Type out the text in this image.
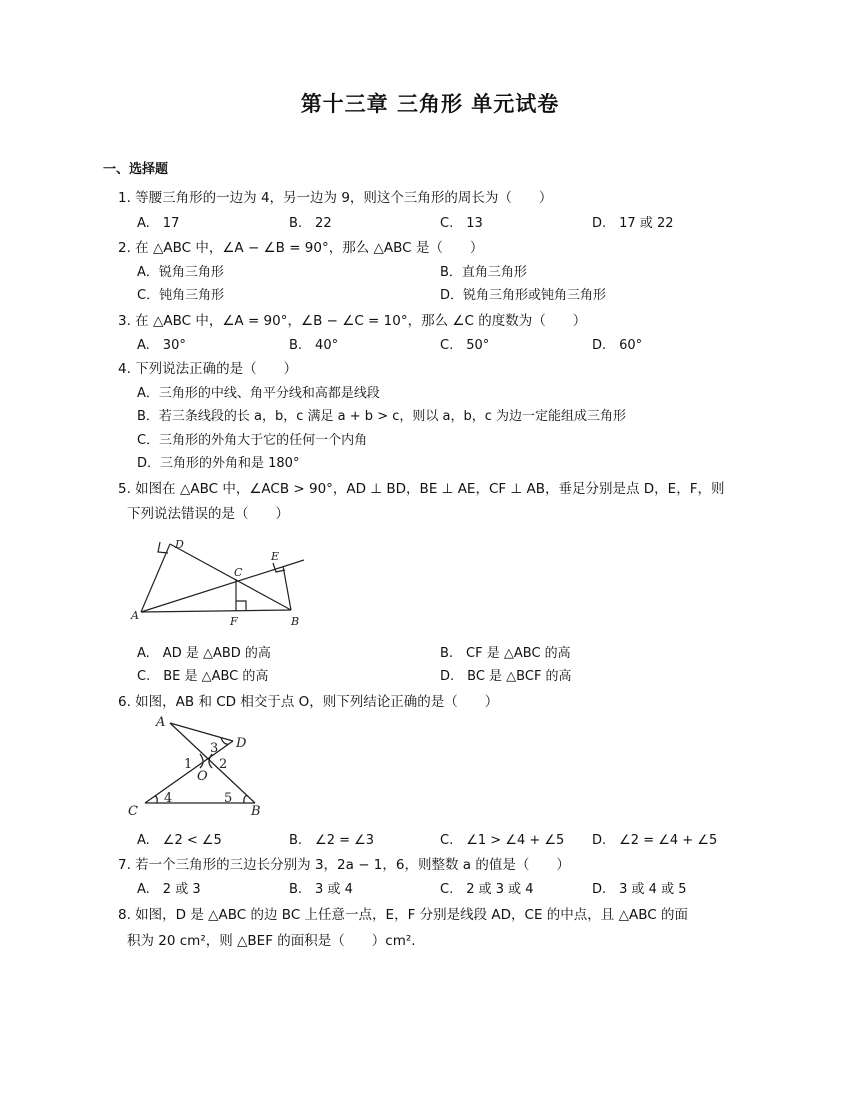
第十三章 三角形 单元试卷
一、选择题
1. 等腰三角形的一边为 4，另一边为 9，则这个三角形的周长为（　　）
A.　17	B.　22	C.　13	D.　17 或 22
2. 在 △ABC 中，∠A − ∠B = 90°，那么 △ABC 是（　　）
A．锐角三角形	B．直角三角形
C．钝角三角形	D．锐角三角形或钝角三角形
3. 在 △ABC 中，∠A = 90°，∠B − ∠C = 10°，那么 ∠C 的度数为（　　）
A.　30°	B.　40°	C.　50°	D.　60°
4. 下列说法正确的是（　　）
A．三角形的中线、角平分线和高都是线段
B．若三条线段的长 a，b，c 满足 a + b > c，则以 a，b，c 为边一定能组成三角形
C．三角形的外角大于它的任何一个内角
D．三角形的外角和是 180°
5. 如图在 △ABC 中，∠ACB > 90°，AD ⊥ BD，BE ⊥ AE，CF ⊥ AB，垂足分别是点 D，E，F，则
下列说法错误的是（　　）
A	B
C
D
E
F
A.　AD 是 △ABD 的高	B.　CF 是 △ABC 的高
C.　BE 是 △ABC 的高	D.　BC 是 △BCF 的高
6. 如图，AB 和 CD 相交于点 O，则下列结论正确的是（　　）
A
D
C	B
O
1 2
3
4	5
A.　∠2 < ∠5	B.　∠2 = ∠3	C.　∠1 > ∠4 + ∠5 D.　∠2 = ∠4 + ∠5
7. 若一个三角形的三边长分别为 3，2a − 1，6，则整数 a 的值是（　　）
A.　2 或 3	B.　3 或 4	C.　2 或 3 或 4	D.　3 或 4 或 5
8. 如图，D 是 △ABC 的边 BC 上任意一点，E，F 分别是线段 AD，CE 的中点，且 △ABC 的面
积为 20 cm²，则 △BEF 的面积是（　　）cm².
